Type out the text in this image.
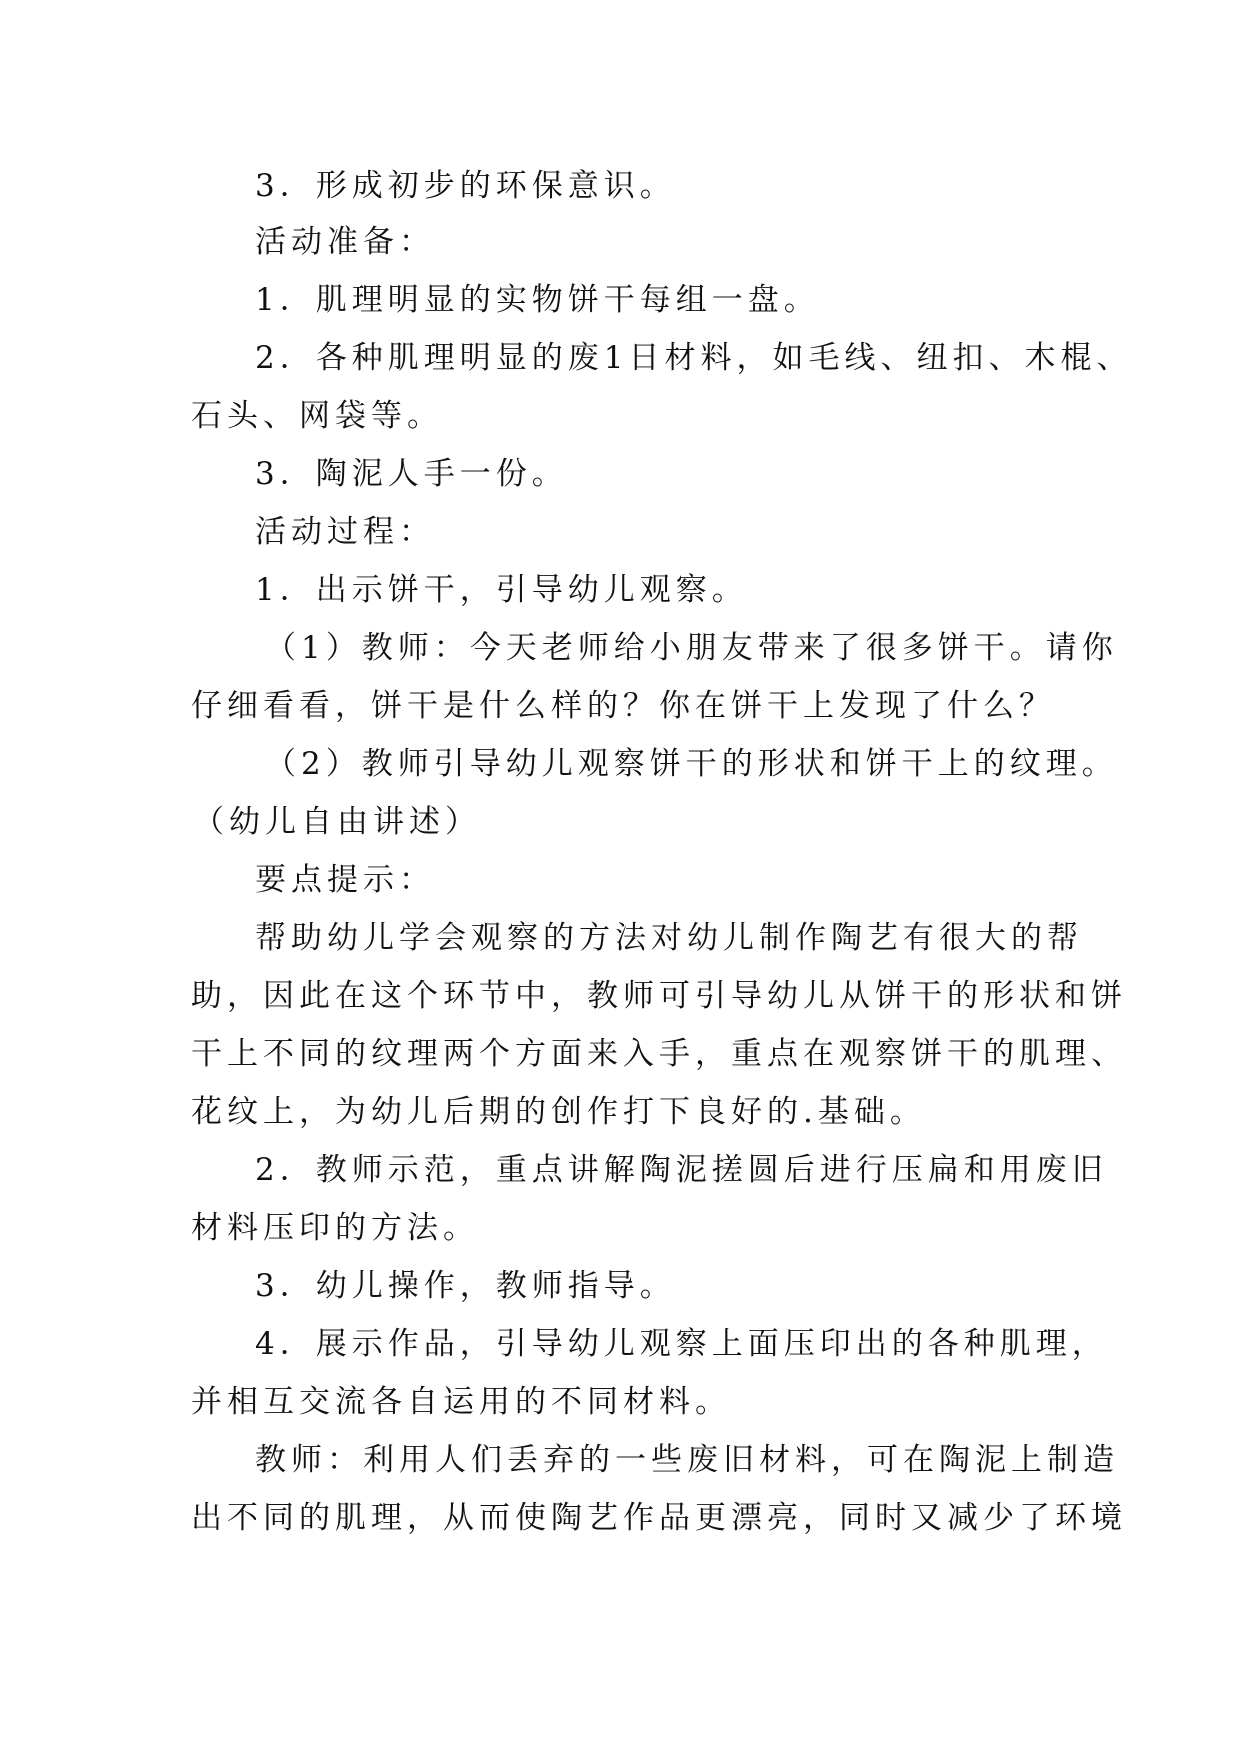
3．形成初步的环保意识。

活动准备：

1．肌理明显的实物饼干每组一盘。

2．各种肌理明显的废1日材料，如毛线、纽扣、木棍、

石头、网袋等。

3．陶泥人手一份。

活动过程：

1．出示饼干，引导幼儿观察。

（1）教师：今天老师给小朋友带来了很多饼干。请你

仔细看看，饼干是什么样的？你在饼干上发现了什么？

（2）教师引导幼儿观察饼干的形状和饼干上的纹理。

（幼儿自由讲述）

要点提示：

帮助幼儿学会观察的方法对幼儿制作陶艺有很大的帮

助，因此在这个环节中，教师可引导幼儿从饼干的形状和饼

干上不同的纹理两个方面来入手，重点在观察饼干的肌理、

花纹上，为幼儿后期的创作打下良好的.基础。

2．教师示范，重点讲解陶泥搓圆后进行压扁和用废旧

材料压印的方法。

3．幼儿操作，教师指导。

4．展示作品，引导幼儿观察上面压印出的各种肌理，

并相互交流各自运用的不同材料。

教师：利用人们丢弃的一些废旧材料，可在陶泥上制造

出不同的肌理，从而使陶艺作品更漂亮，同时又减少了环境
